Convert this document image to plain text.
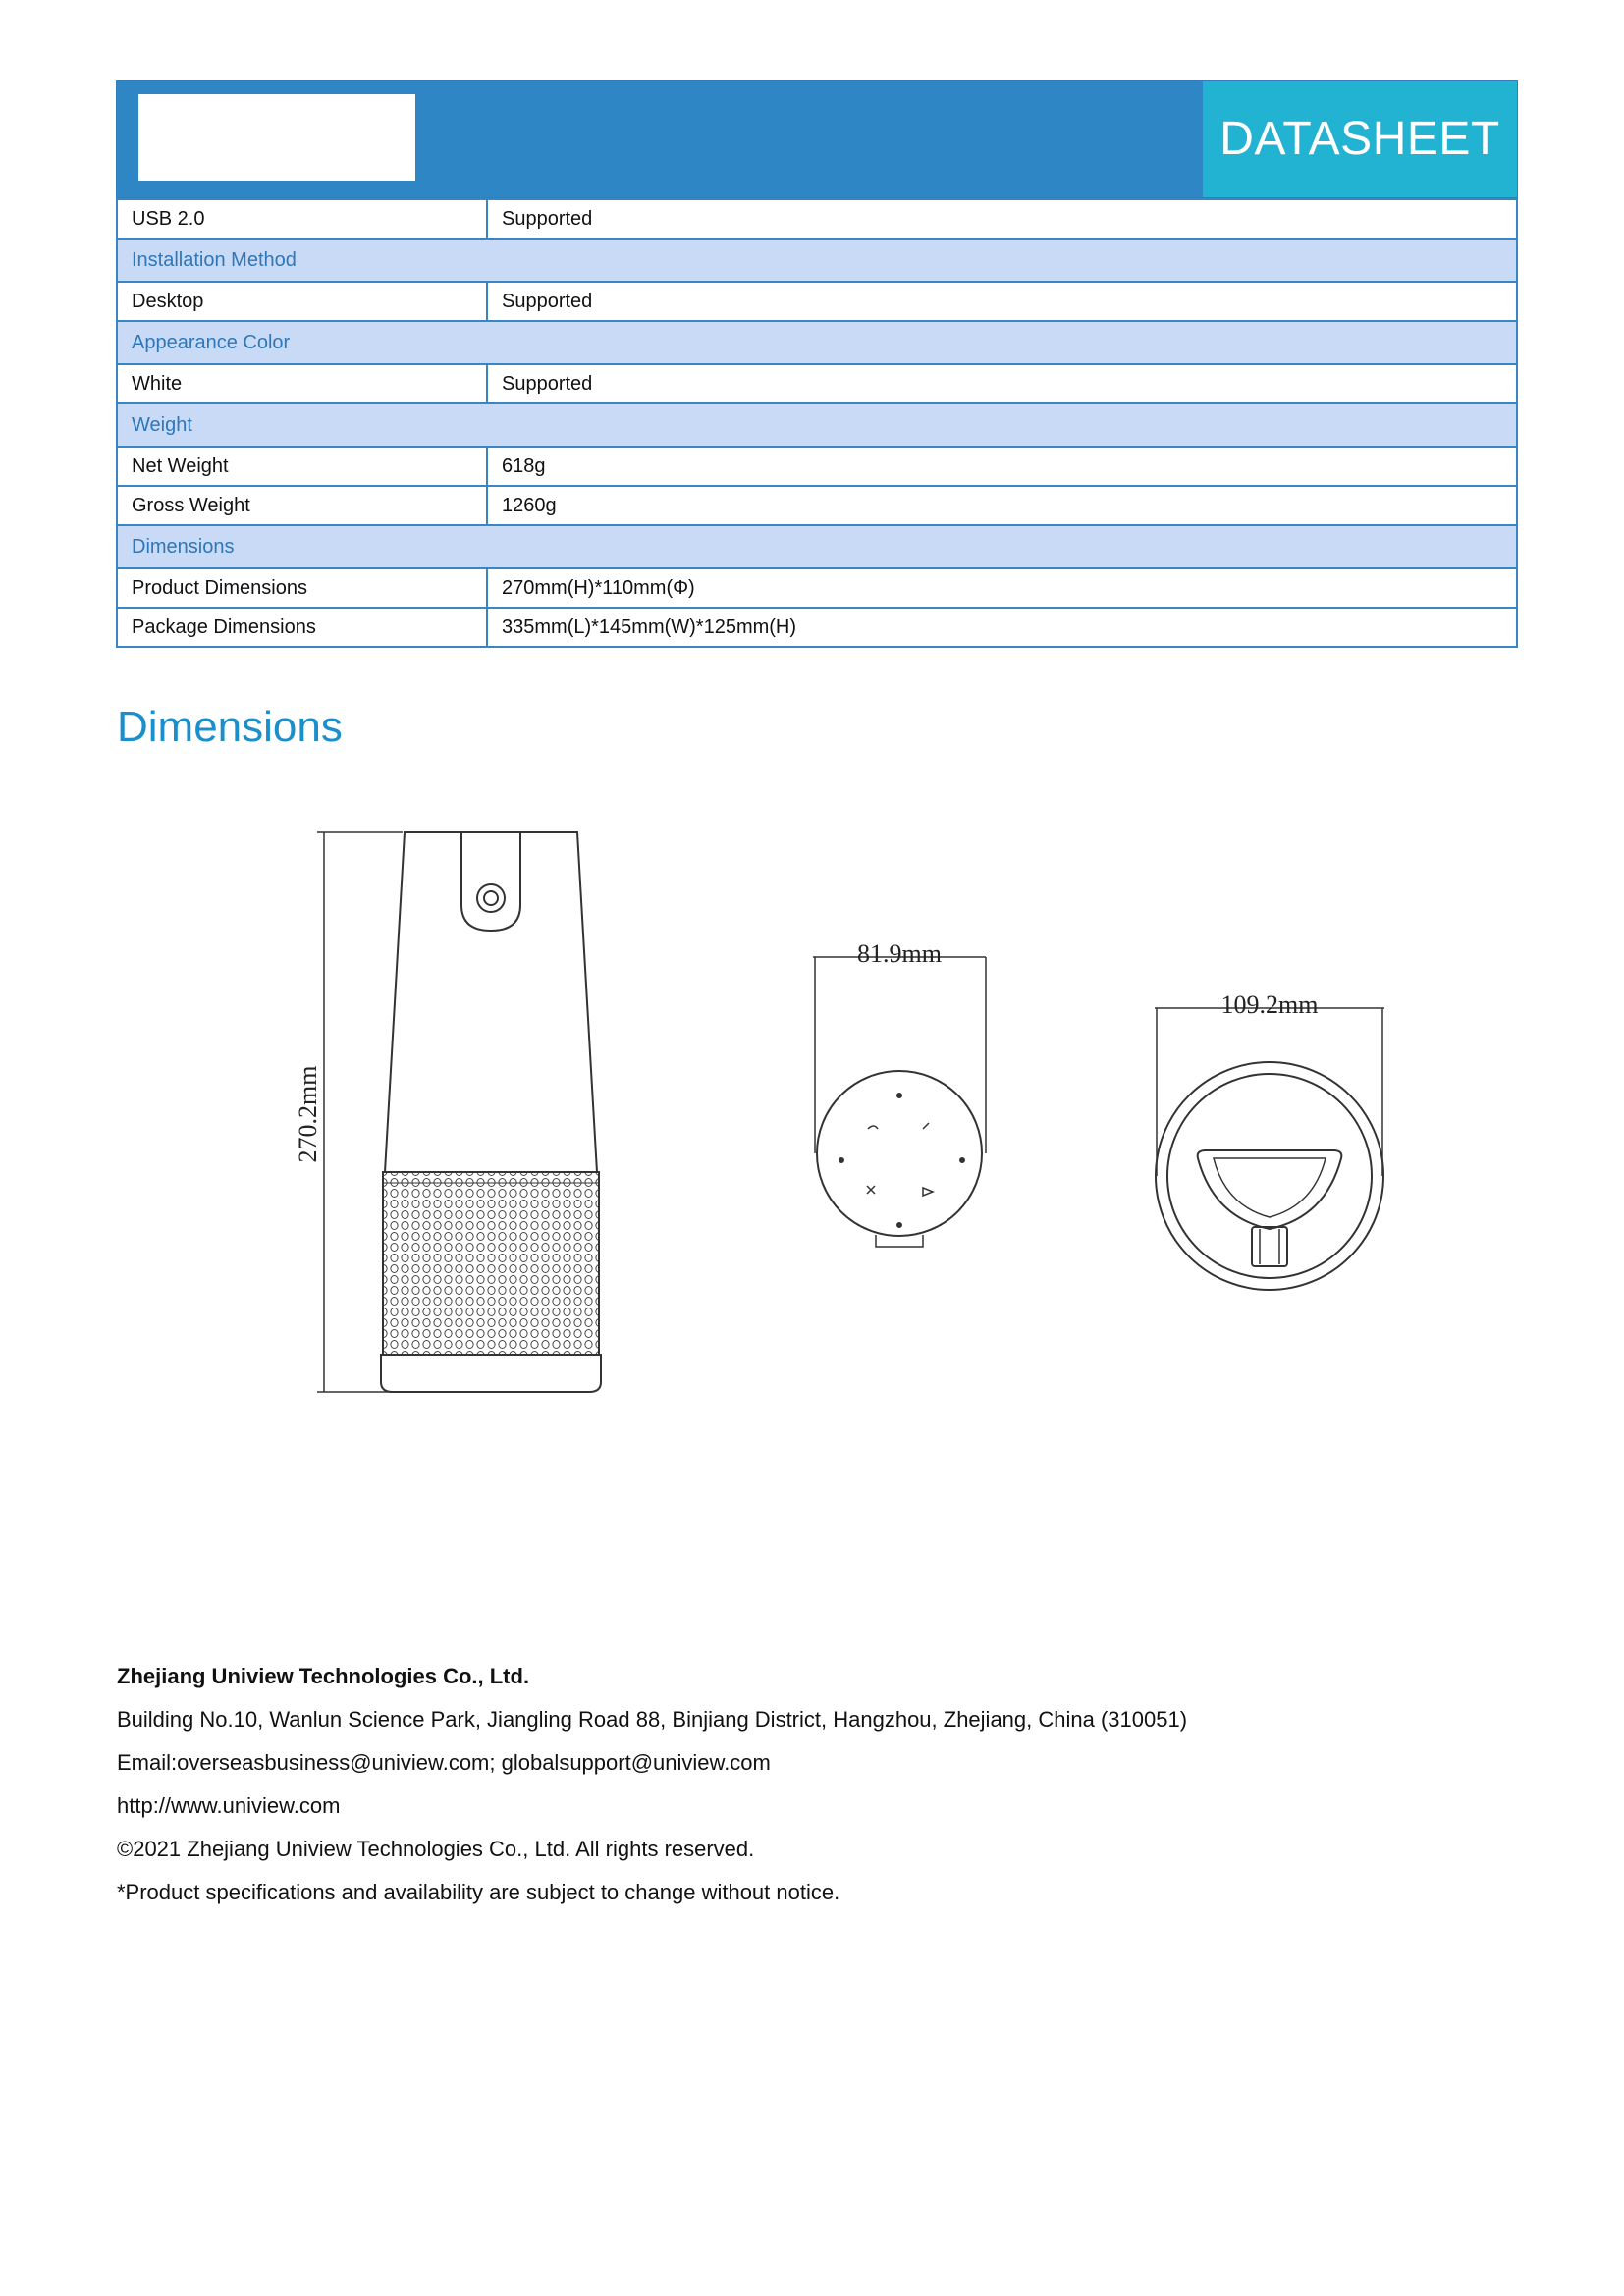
DATASHEET
USB 2.0	Supported
Installation Method	
Desktop	Supported
Appearance Color	
White	Supported
Weight	
Net Weight	618g
Gross Weight	1260g
Dimensions	
Product Dimensions	270mm(H)*110mm(Φ)
Package Dimensions	335mm(L)*145mm(W)*125mm(H)
Dimensions
270.2mm
81.9mm
109.2mm
Zhejiang Uniview Technologies Co., Ltd.
Building No.10, Wanlun Science Park, Jiangling Road 88, Binjiang District, Hangzhou, Zhejiang, China (310051)
Email:overseasbusiness@uniview.com; globalsupport@uniview.com
http://www.uniview.com
©2021 Zhejiang Uniview Technologies Co., Ltd. All rights reserved.
*Product specifications and availability are subject to change without notice.
